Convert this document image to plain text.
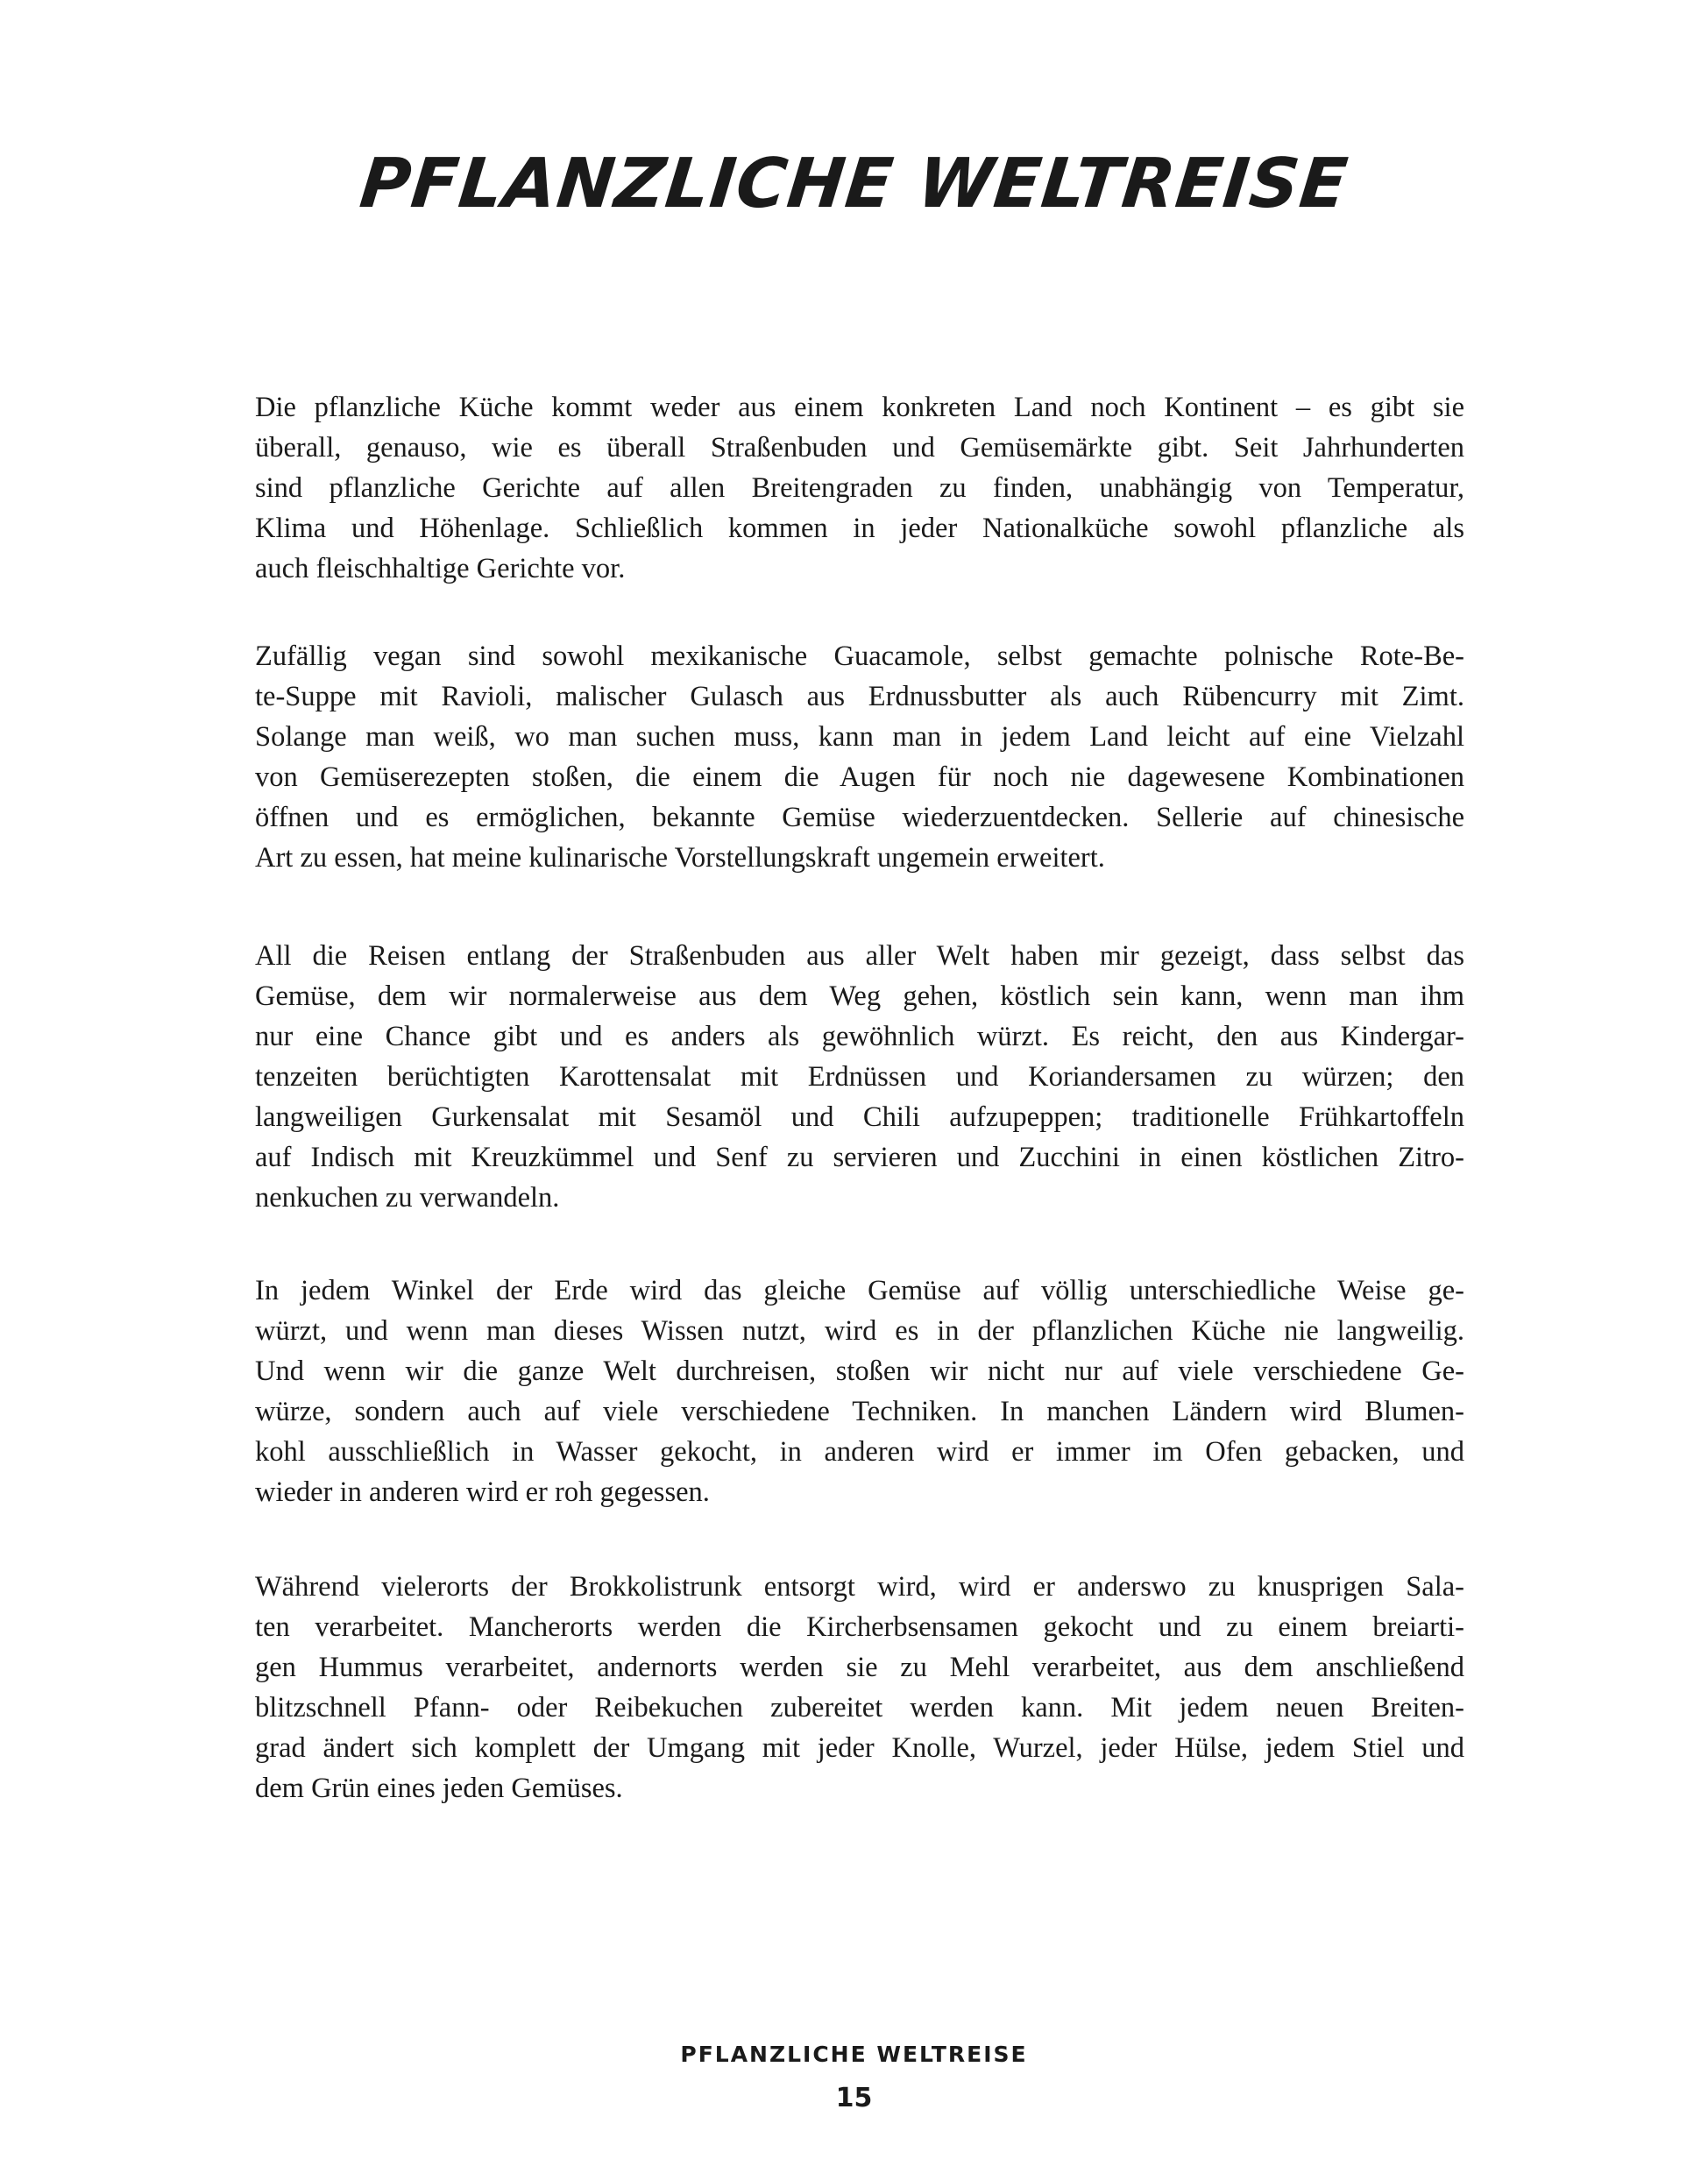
PFLANZLICHE WELTREISE
Die pflanzliche Küche kommt weder aus einem konkreten Land noch Kontinent – es gibt sie
überall, genauso, wie es überall Straßenbuden und Gemüsemärkte gibt. Seit Jahrhunderten
sind pflanzliche Gerichte auf allen Breitengraden zu finden, unabhängig von Temperatur,
Klima und Höhenlage. Schließlich kommen in jeder Nationalküche sowohl pflanzliche als
auch fleischhaltige Gerichte vor.
Zufällig vegan sind sowohl mexikanische Guacamole, selbst gemachte polnische Rote-Be-
te-Suppe mit Ravioli, malischer Gulasch aus Erdnussbutter als auch Rübencurry mit Zimt.
Solange man weiß, wo man suchen muss, kann man in jedem Land leicht auf eine Vielzahl
von Gemüserezepten stoßen, die einem die Augen für noch nie dagewesene Kombinationen
öffnen und es ermöglichen, bekannte Gemüse wiederzuentdecken. Sellerie auf chinesische
Art zu essen, hat meine kulinarische Vorstellungskraft ungemein erweitert.
All die Reisen entlang der Straßenbuden aus aller Welt haben mir gezeigt, dass selbst das
Gemüse, dem wir normalerweise aus dem Weg gehen, köstlich sein kann, wenn man ihm
nur eine Chance gibt und es anders als gewöhnlich würzt. Es reicht, den aus Kindergar-
tenzeiten berüchtigten Karottensalat mit Erdnüssen und Koriandersamen zu würzen; den
langweiligen Gurkensalat mit Sesamöl und Chili aufzupeppen; traditionelle Frühkartoffeln
auf Indisch mit Kreuzkümmel und Senf zu servieren und Zucchini in einen köstlichen Zitro-
nenkuchen zu verwandeln.
In jedem Winkel der Erde wird das gleiche Gemüse auf völlig unterschiedliche Weise ge-
würzt, und wenn man dieses Wissen nutzt, wird es in der pflanzlichen Küche nie langweilig.
Und wenn wir die ganze Welt durchreisen, stoßen wir nicht nur auf viele verschiedene Ge-
würze, sondern auch auf viele verschiedene Techniken. In manchen Ländern wird Blumen-
kohl ausschließlich in Wasser gekocht, in anderen wird er immer im Ofen gebacken, und
wieder in anderen wird er roh gegessen.
Während vielerorts der Brokkolistrunk entsorgt wird, wird er anderswo zu knusprigen Sala-
ten verarbeitet. Mancherorts werden die Kircherbsensamen gekocht und zu einem breiarti-
gen Hummus verarbeitet, andernorts werden sie zu Mehl verarbeitet, aus dem anschließend
blitzschnell Pfann- oder Reibekuchen zubereitet werden kann. Mit jedem neuen Breiten-
grad ändert sich komplett der Umgang mit jeder Knolle, Wurzel, jeder Hülse, jedem Stiel und
dem Grün eines jeden Gemüses.
PFLANZLICHE WELTREISE
15
